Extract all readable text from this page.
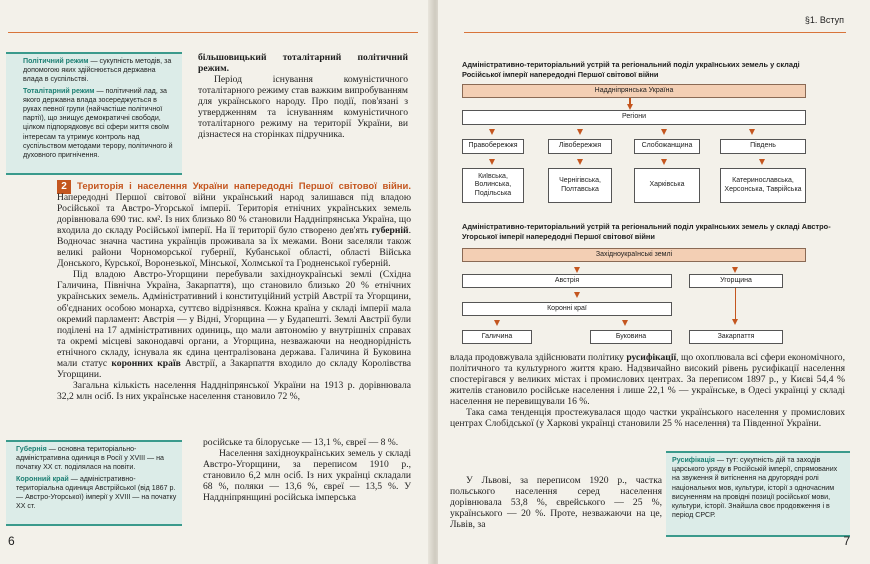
Політичний режим — сукупність методів, за допомогою яких здійснюється державна влада в суспільстві.

Тоталітарний режим — політичний лад, за якого державна влада зосереджується в руках певної групи (найчастіше політичної партії), що знищує демократичні свободи, цілком підпорядковує всі сфери життя своїм інтересам та утримує контроль над суспільством методами терору, політичного й духовного пригнічення.

більшовицький тоталітарний політичний режим.

Період існування комуністичного тоталітарного режиму став важким випробуванням для українського народу. Про події, пов'язані з утвердженням та існуванням комуністичного тоталітарного режиму на території України, ви дізнаєтеся на сторінках підручника.

2	Територія і населення України напередодні Першої світової війни. Напередодні Першої світової війни український народ залишався під владою Російської та Австро-Угорської імперії. Територія етнічних українських земель дорівнювала 690 тис. км². Із них близько 80 % становили Наддніпрянська Україна, що входила до складу Російської імперії. На її території було створено дев'ять губерній. Водночас значна частина українців проживала за їх межами. Вони заселяли також великі райони Чорноморської губернії, Кубанської області, області Війська Донського, Курської, Воронезької, Мінської, Холмської та Гродненської губерній.

Під владою Австро-Угорщини перебували західноукраїнські землі (Східна Галичина, Північна Україна, Закарпаття), що становило близько 20 % етнічних українських земель. Адміністративний і конституційний устрій Австрії та Угорщини, об'єднаних особою монарха, суттєво відрізнявся. Кожна країна у складі імперії мала окремий парламент: Австрія — у Відні, Угорщина — у Будапешті. Землі Австрії були поділені на 17 адміністративних одиниць, що мали автономію у внутрішніх справах та окремі місцеві законодавчі органи, а Угорщина, незважаючи на неоднорідність етнічного складу, існувала як єдина централізована держава. Галичина й Буковина мали статус коронних країв Австрії, а Закарпаття входило до складу Королівства Угорщини.

Загальна кількість населення Наддніпрянської України на 1913 р. дорівнювала 32,2 млн осіб. Із них українське населення становило 72 %,

Губернія — основна територіально-адміністративна одиниця в Росії у XVIII — на початку XX ст. поділялася на повіти.

Коронний край — адміністративно-територіальна одиниця Австрійської (від 1867 р. — Австро-Угорської) імперії у XVIII — на початку XX ст.

російське та білоруське — 13,1 %, євреї — 8 %.

Населення західноукраїнських земель у складі Австро-Угорщини, за переписом 1910 р., становило 6,2 млн осіб. Із них українці складали 68 %, поляки — 13,6 %, євреї — 13,5 %. У Наддніпрянщині російська імперська

6
§1. Вступ
Адміністративно-територіальний устрій та регіональний поділ українських земель у складі Російської імперії напередодні Першої світової війни
Наддніпрянська Україна
Регіони
Правобережжя	Лівобережжя	Слобожанщина	Південь
Київська, Волинська, Подільська
Чернігівська, Полтавська
Харківська
Катеринославська, Херсонська, Таврійська
Адміністративно-територіальний устрій та регіональний поділ українських земель у складі Австро-Угорської імперії напередодні Першої світової війни
Західноукраїнські землі
Австрія	Угорщина
Коронні краї
Галичина	Буковина	Закарпаття

влада продовжувала здійснювати політику русифікації, що охоплювала всі сфери економічного, політичного та культурного життя краю. Надзвичайно високий рівень русифікації населення спостерігався у великих містах і промислових центрах. За переписом 1897 р., у Києві 54,4 % жителів становило російське населення і лише 22,1 % — українське, в Одесі українці у складі населення не перевищували 16 %.

Така сама тенденція простежувалася щодо частки українського населення у промислових центрах Слобідської (у Харкові українці становили 25 % населення) та Південної України.

У Львові, за переписом 1920 р., частка польського населення серед населення дорівнювала 53,8 %, єврейського — 25 %, українського — 20 %. Проте, незважаючи на це, Львів, за

Русифікація — тут: сукупність дій та заходів царського уряду в Російській імперії, спрямованих на звуження й витіснення на другорядні ролі національних мов, культури, історії з одночасним висуненням на провідні позиції російської мови, культури, історії. Знайшла своє продовження і в період СРСР.

7
